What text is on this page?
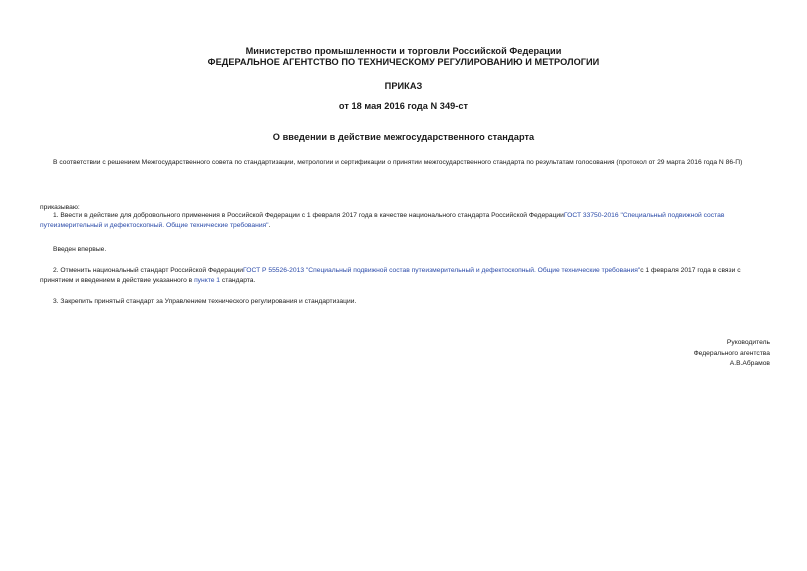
Министерство промышленности и торговли Российской Федерации
ФЕДЕРАЛЬНОЕ АГЕНТСТВО ПО ТЕХНИЧЕСКОМУ РЕГУЛИРОВАНИЮ И МЕТРОЛОГИИ
ПРИКАЗ
от 18 мая 2016 года N 349-ст
О введении в действие межгосударственного стандарта
В соответствии с решением Межгосударственного совета по стандартизации, метрологии и сертификации о принятии межгосударственного стандарта по результатам голосования (протокол от 29 марта 2016 года N 86-П)
приказываю:
1. Ввести в действие для добровольного применения в Российской Федерации с 1 февраля 2017 года в качестве национального стандарта Российской ФедерацииГОСТ 33750-2016 "Специальный подвижной состав путеизмерительный и дефектоскопный. Общие технические требования".
Введен впервые.
2. Отменить национальный стандарт Российской ФедерацииГОСТ Р 55526-2013 "Специальный подвижной состав путеизмерительный и дефектоскопный. Общие технические требования"с 1 февраля 2017 года в связи с принятием и введением в действие указанного в пункте 1 стандарта.
3. Закрепить принятый стандарт за Управлением технического регулирования и стандартизации.
Руководитель
Федерального агентства
А.В.Абрамов
